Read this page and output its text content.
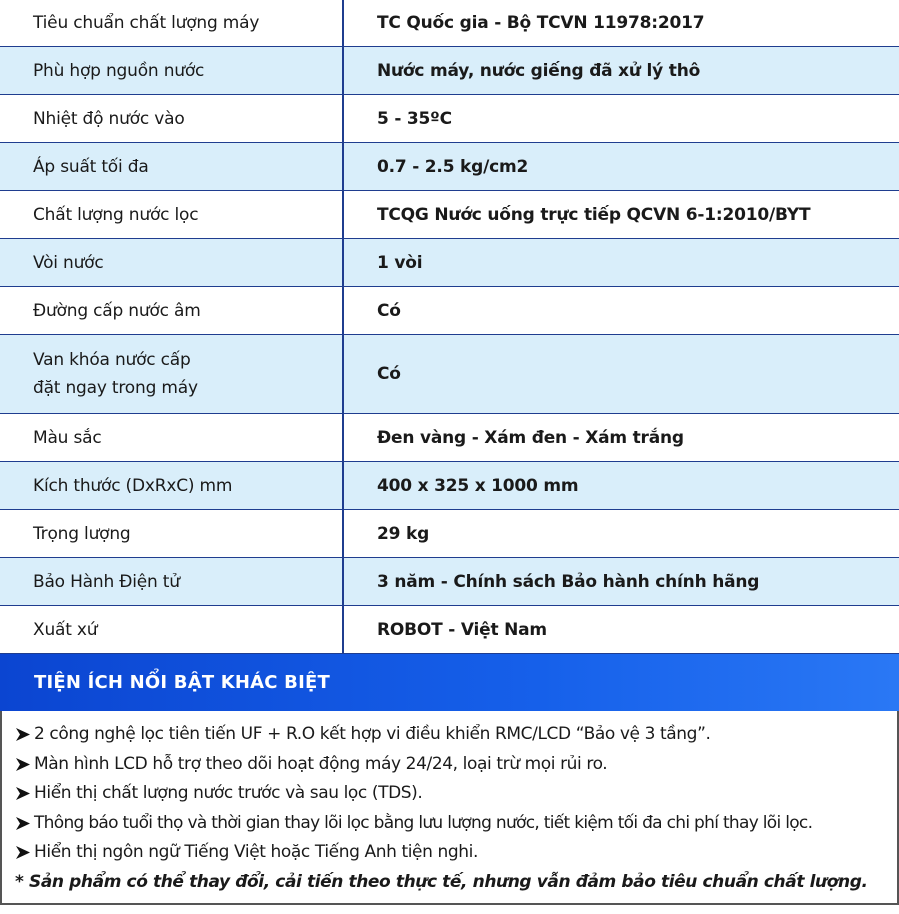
Tiêu chuẩn chất lượng máy	TC Quốc gia - Bộ TCVN 11978:2017
Phù hợp nguồn nước	Nước máy, nước giếng đã xử lý thô
Nhiệt độ nước vào	5 - 35ºC
Áp suất tối đa	0.7 - 2.5 kg/cm2
Chất lượng nước lọc	TCQG Nước uống trực tiếp QCVN 6-1:2010/BYT
Vòi nước	1 vòi
Đường cấp nước âm	Có

Van khóa nước cấp
đặt ngay trong máy	Có
Màu sắc	Đen vàng - Xám đen - Xám trắng
Kích thước (DxRxC) mm	400 x 325 x 1000 mm
Trọng lượng	29 kg
Bảo Hành Điện tử	3 năm - Chính sách Bảo hành chính hãng
Xuất xứ	ROBOT - Việt Nam
TIỆN ÍCH NỔI BẬT KHÁC BIỆT
2 công nghệ lọc tiên tiến UF + R.O kết hợp vi điều khiển RMC/LCD “Bảo vệ 3 tầng”.
Màn hình LCD hỗ trợ theo dõi hoạt động máy 24/24, loại trừ mọi rủi ro.
Hiển thị chất lượng nước trước và sau lọc (TDS).
Thông báo tuổi thọ và thời gian thay lõi lọc bằng lưu lượng nước, tiết kiệm tối đa chi phí thay lõi lọc.
Hiển thị ngôn ngữ Tiếng Việt hoặc Tiếng Anh tiện nghi.
* Sản phẩm có thể thay đổi, cải tiến theo thực tế, nhưng vẫn đảm bảo tiêu chuẩn chất lượng.
